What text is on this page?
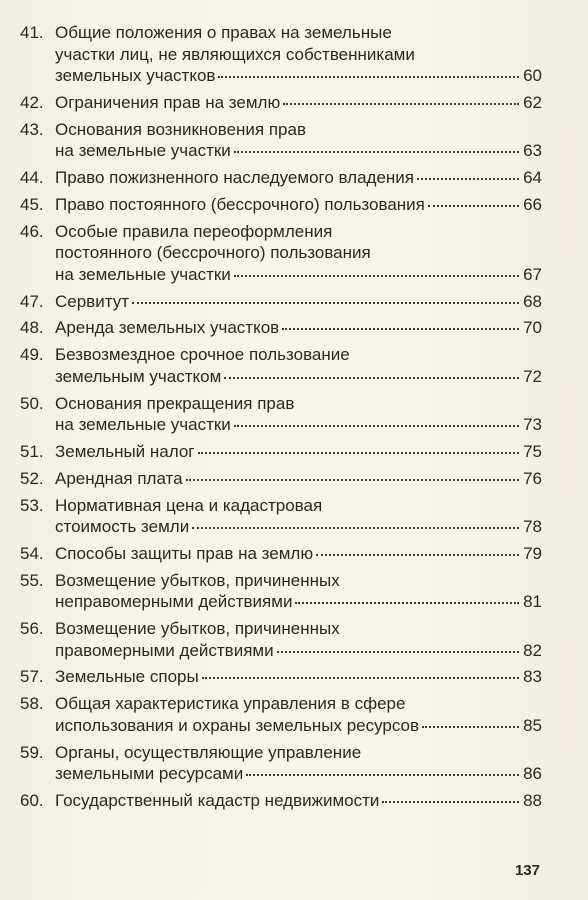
41. Общие положения о правах на земельные
участки лиц, не являющихся собственниками
земельных участков	60
42. Ограничения прав на землю	62
43. Основания возникновения прав
на земельные участки	63
44. Право пожизненного наследуемого владения	64
45. Право постоянного (бессрочного) пользования	66
46. Особые правила переоформления
постоянного (бессрочного) пользования
на земельные участки	67
47. Сервитут	68
48. Аренда земельных участков	70
49. Безвозмездное срочное пользование
земельным участком	72
50. Основания прекращения прав
на земельные участки	73
51. Земельный налог	75
52. Арендная плата	76
53. Нормативная цена и кадастровая
стоимость земли	78
54. Способы защиты прав на землю	79
55. Возмещение убытков, причиненных
неправомерными действиями	81
56. Возмещение убытков, причиненных
правомерными действиями	82
57. Земельные споры	83
58. Общая характеристика управления в сфере
использования и охраны земельных ресурсов	85
59. Органы, осуществляющие управление
земельными ресурсами	86
60. Государственный кадастр недвижимости	88
137
